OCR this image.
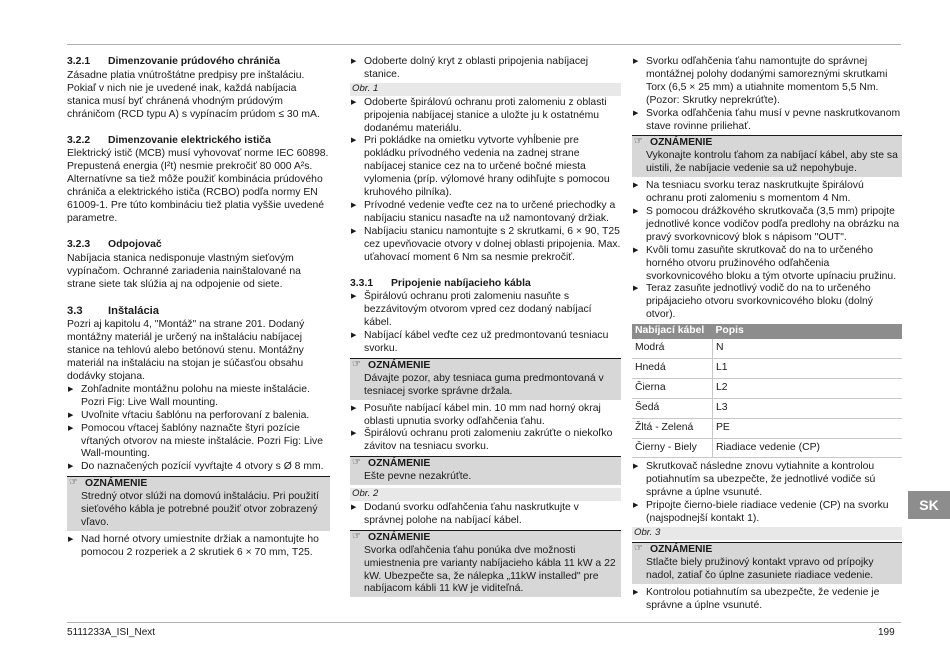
3.2.1 Dimenzovanie prúdového chrániča

Zásadne platia vnútroštátne predpisy pre inštaláciu. Pokiaľ v nich nie je uvedené inak, každá nabíjacia stanica musí byť chránená vhodným prúdovým chráničom (RCD typu A) s vypínacím prúdom ≤ 30 mA.

3.2.2 Dimenzovanie elektrického ističa

Elektrický istič (MCB) musí vyhovovať norme IEC 60898. Prepustená energia (I²t) nesmie prekročiť 80 000 A²s. Alternatívne sa tiež môže použiť kombinácia prúdového chrániča a elektrického ističa (RCBO) podľa normy EN 61009-1. Pre túto kombináciu tiež platia vyššie uvedené parametre.

3.2.3 Odpojovač

Nabíjacia stanica nedisponuje vlastným sieťovým vypínačom. Ochranné zariadenia nainštalované na strane siete tak slúžia aj na odpojenie od siete.

3.3 Inštalácia

Pozri aj kapitolu 4, "Montáž" na strane 201. Dodaný montážny materiál je určený na inštaláciu nabíjacej stanice na tehlovú alebo betónovú stenu. Montážny materiál na inštaláciu na stojan je súčasťou obsahu dodávky stojana.

▶ Zohľadnite montážnu polohu na mieste inštalácie. Pozri Fig: Live Wall mounting.
▶ Uvoľnite vŕtaciu šablónu na perforovaní z balenia.
▶ Pomocou vŕtacej šablóny naznačte štyri pozície vŕtaných otvorov na mieste inštalácie. Pozri Fig: Live Wall-mounting.
▶ Do naznačených pozícií vyvŕtajte 4 otvory s Ø 8 mm.
☞ OZNÁMENIE
Stredný otvor slúži na domovú inštaláciu. Pri použití sieťového kábla je potrebné použiť otvor zobrazený vľavo.
▶ Nad horné otvory umiestnite držiak a namontujte ho pomocou 2 rozperiek a 2 skrutiek 6 × 70 mm, T25.
▶ Odoberte dolný kryt z oblasti pripojenia nabíjacej stanice.
Obr. 1
▶ Odoberte špirálovú ochranu proti zalomeniu z oblasti pripojenia nabíjacej stanice a uložte ju k ostatnému dodanému materiálu.
▶ Pri pokládke na omietku vytvorte vyhĺbenie pre pokládku prívodného vedenia na zadnej strane nabíjacej stanice cez na to určené bočné miesta vylomenia (príp. výlomové hrany odihľujte s pomocou kruhového pilníka).
▶ Prívodné vedenie veďte cez na to určené priechodky a nabíjaciu stanicu nasaďte na už namontovaný držiak.
▶ Nabíjaciu stanicu namontujte s 2 skrutkami, 6 × 90, T25 cez upevňovacie otvory v dolnej oblasti pripojenia. Max. uťahovací moment 6 Nm sa nesmie prekročiť.
3.3.1 Pripojenie nabíjacieho kábla
▶ Špirálovú ochranu proti zalomeniu nasuňte s bezzávitovým otvorom vpred cez dodaný nabíjací kábel.
▶ Nabíjací kábel veďte cez už predmontovanú tesniacu svorku.
☞ OZNÁMENIE
Dávajte pozor, aby tesniaca guma predmontovaná v tesniacej svorke správne držala.
▶ Posuňte nabíjací kábel min. 10 mm nad horný okraj oblasti upnutia svorky odľahčenia ťahu.
▶ Špirálovú ochranu proti zalomeniu zakrúťte o niekoľko závitov na tesniacu svorku.
☞ OZNÁMENIE
Ešte pevne nezakrúťte.
Obr. 2
▶ Dodanú svorku odľahčenia ťahu naskrutkujte v správnej polohe na nabíjací kábel.
☞ OZNÁMENIE
Svorka odľahčenia ťahu ponúka dve možnosti umiestnenia pre varianty nabíjacieho kábla 11 kW a 22 kW. Ubezpečte sa, že nálepka „11kW installed" pre nabíjacom kábli 11 kW je viditeľná.
▶ Svorku odľahčenia ťahu namontujte do správnej montážnej polohy dodanými samoreznými skrutkami Torx (6,5 × 25 mm) a utiahnite momentom 5,5 Nm. (Pozor: Skrutky neprekrúťte).
▶ Svorka odľahčenia ťahu musí v pevne naskrutkovanom stave rovinne priliehať.
☞ OZNÁMENIE
Vykonajte kontrolu ťahom za nabíjací kábel, aby ste sa uistili, že nabíjacie vedenie sa už nepohybuje.
▶ Na tesniacu svorku teraz naskrutkujte špirálovú ochranu proti zalomeniu s momentom 4 Nm.
▶ S pomocou drážkového skrutkovača (3,5 mm) pripojte jednotlivé konce vodičov podľa predlohy na obrázku na pravý svorkovnicový blok s nápisom "OUT".
▶ Kvôli tomu zasuňte skrutkovač do na to určeného horného otvoru pružinového odľahčenia svorkovnicového bloku a tým otvorte upínaciu pružinu.
▶ Teraz zasuňte jednotlivý vodič do na to určeného pripájacieho otvoru svorkovnicového bloku (dolný otvor).
Nabíjací kábel	Popis
Modrá	N
Hnedá	L1
Čierna	L2
Šedá	L3
Žltá - Zelená	PE
Čierny - Biely	Riadiace vedenie (CP)
▶ Skrutkovač následne znovu vytiahnite a kontrolou potiahnutím sa ubezpečte, že jednotlivé vodiče sú správne a úplne vsunuté.
▶ Pripojte čierno-biele riadiace vedenie (CP) na svorku (najspodnejší kontakt 1).
Obr. 3
☞ OZNÁMENIE
Stlačte biely pružinový kontakt vpravo od prípojky nadol, zatiaľ čo úplne zasuniete riadiace vedenie.
▶ Kontrolou potiahnutím sa ubezpečte, že vedenie je správne a úplne vsunuté.
SK
5111233A_ISI_Next	199
